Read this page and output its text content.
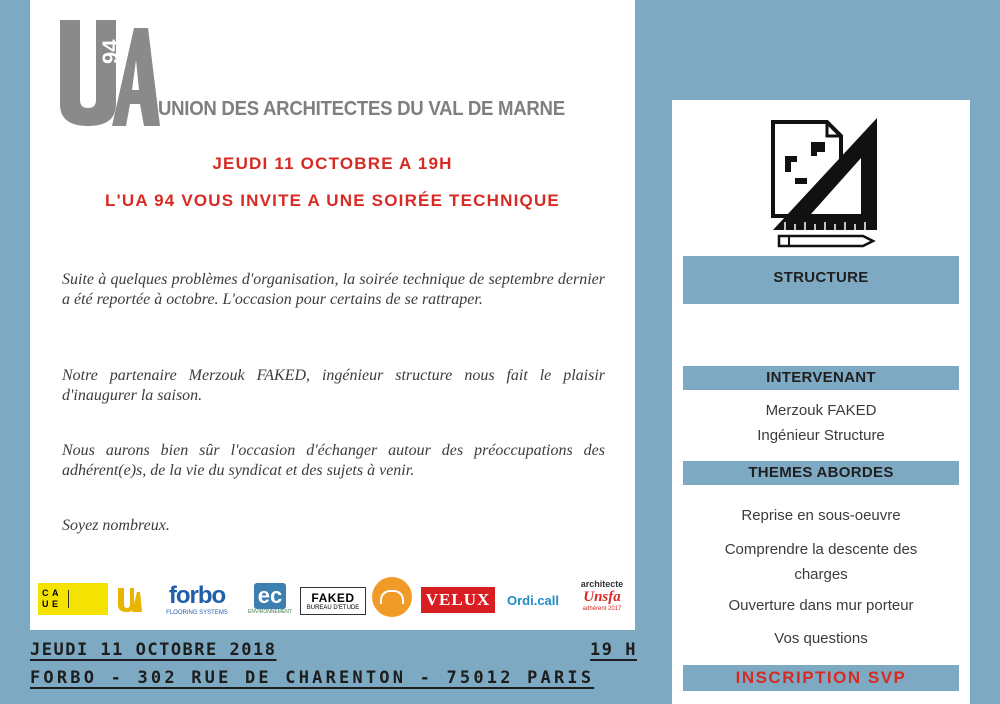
94
UNION DES ARCHITECTES DU VAL DE MARNE
JEUDI 11 OCTOBRE A 19H
L'UA 94 VOUS INVITE A UNE SOIRÉE TECHNIQUE
Suite à quelques problèmes d'organisation, la soirée technique de septembre dernier a été reportée à octobre. L'occasion pour certains de se rattraper.
Notre partenaire Merzouk FAKED, ingénieur structure nous fait le plaisir d'inaugurer la saison.
Nous aurons bien sûr l'occasion d'échanger autour des préoccupations des adhérent(e)s, de la vie du syndicat et des sujets à venir.
Soyez nombreux.
C A
U E	forbo
FLOORING SYSTEMS
ec
ENVIRONNEMENT
FAKED
BUREAU D'ETUDE	VELUX Ordi.call
architecte
Unsfa
adhérent 2017
JEUDI 11 OCTOBRE 2018	19 H
FORBO - 302 RUE DE CHARENTON - 75012 PARIS
STRUCTURE
INTERVENANT
Merzouk FAKED
Ingénieur Structure
THEMES ABORDES
Reprise en sous-oeuvre
Comprendre la descente des charges
Ouverture dans mur porteur
Vos questions
INSCRIPTION SVP
